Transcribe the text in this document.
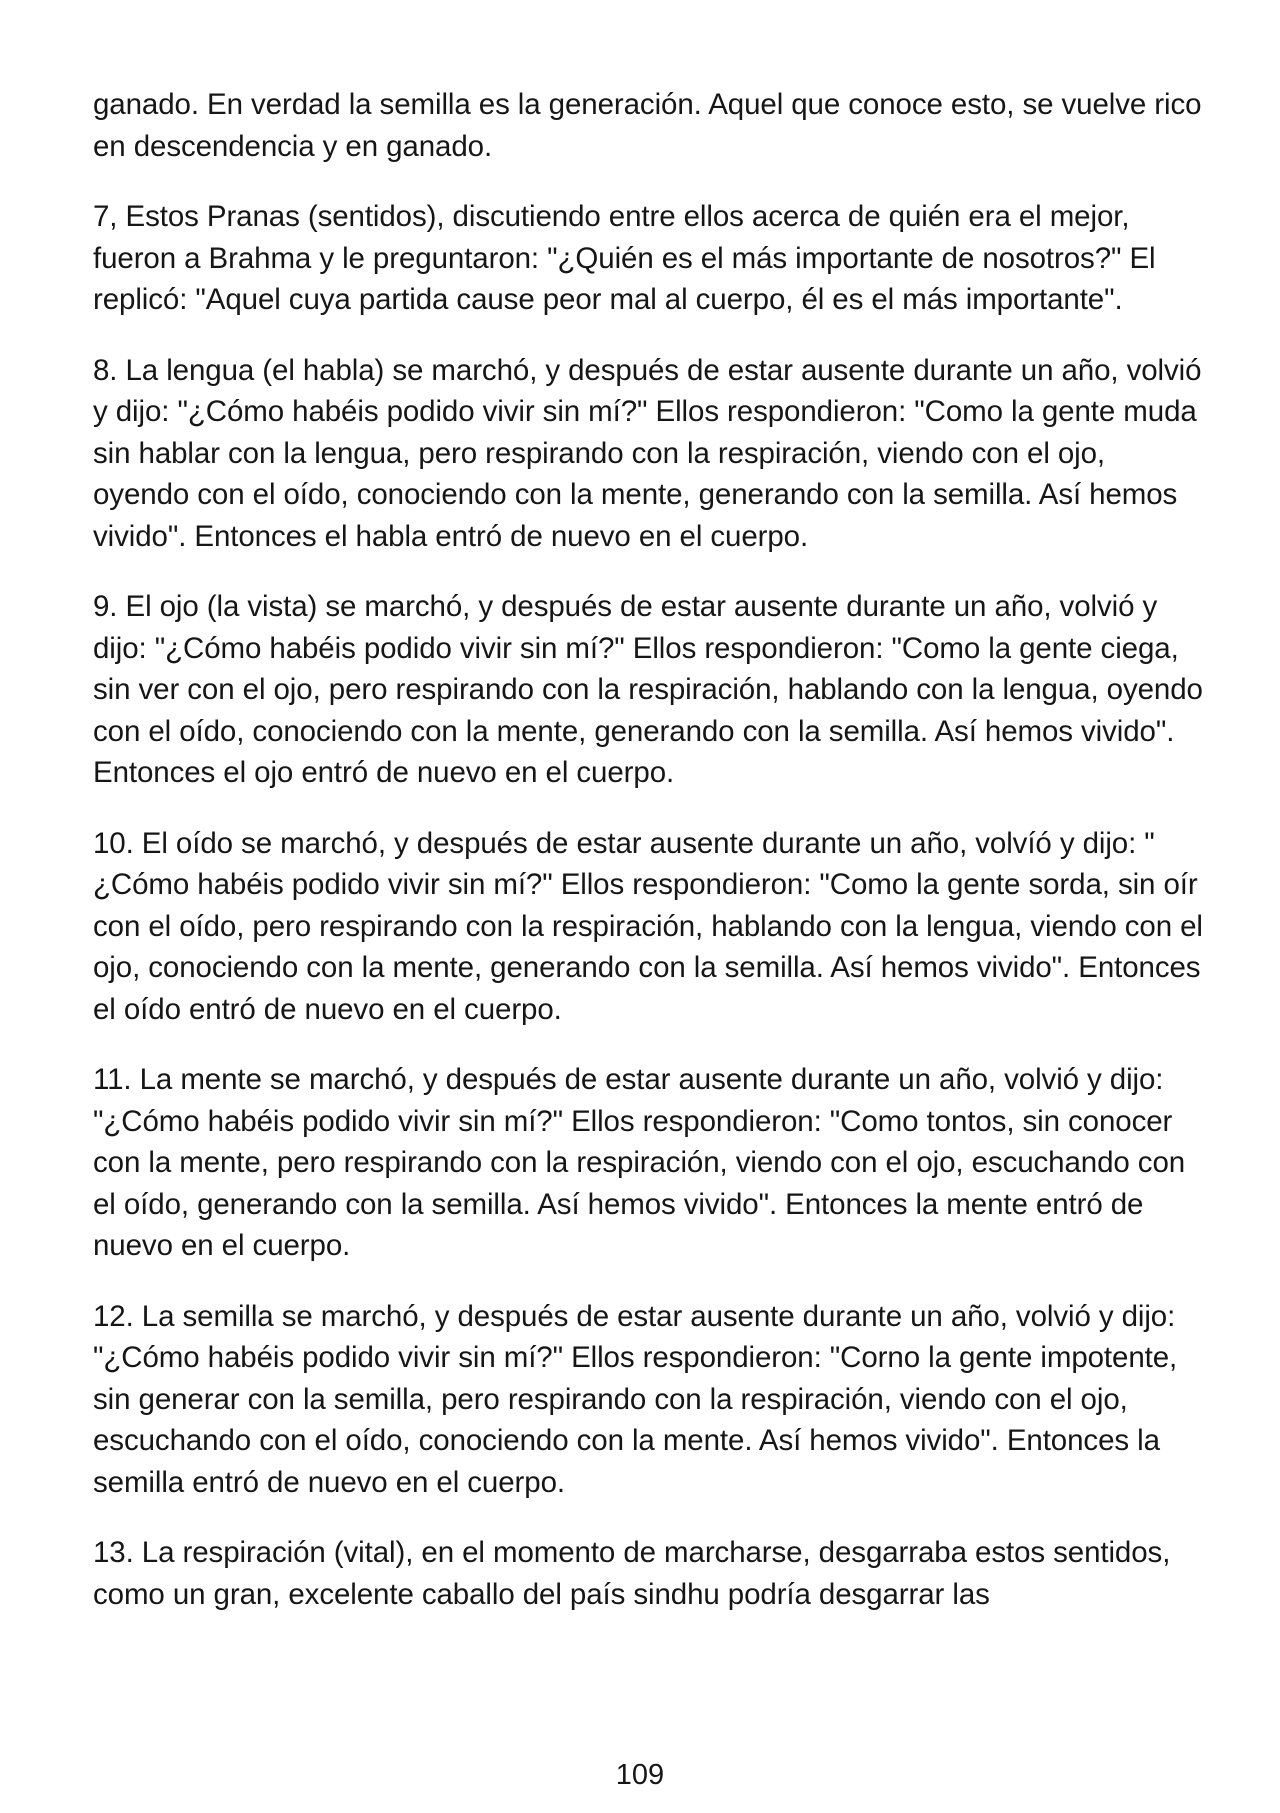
ganado. En verdad la semilla es la generación. Aquel que conoce esto, se vuelve rico en descendencia y en ganado.

7, Estos Pranas (sentidos), discutiendo entre ellos acerca de quién era el mejor, fueron a Brahma y le preguntaron: "¿Quién es el más importante de nosotros?" El replicó: "Aquel cuya partida cause peor mal al cuerpo, él es el más importante".

8. La lengua (el habla) se marchó, y después de estar ausente durante un año, volvió y dijo: "¿Cómo habéis podido vivir sin mí?" Ellos respondieron: "Como la gente muda sin hablar con la lengua, pero respirando con la respiración, viendo con el ojo, oyendo con el oído, conociendo con la mente, generando con la semilla. Así hemos vivido". Entonces el habla entró de nuevo en el cuerpo.

9. El ojo (la vista) se marchó, y después de estar ausente durante un año, volvió y dijo: "¿Cómo habéis podido vivir sin mí?" Ellos respondieron: "Como la gente ciega, sin ver con el ojo, pero respirando con la respiración, hablando con la lengua, oyendo con el oído, conociendo con la mente, generando con la semilla. Así hemos vivido". Entonces el ojo entró de nuevo en el cuerpo.

10. El oído se marchó, y después de estar ausente durante un año, volvíó y dijo: " ¿Cómo habéis podido vivir sin mí?" Ellos respondieron: "Como la gente sorda, sin oír con el oído, pero respirando con la respiración, hablando con la lengua, viendo con el ojo, conociendo con la mente, generando con la semilla. Así hemos vivido". Entonces el oído entró de nuevo en el cuerpo.

11. La mente se marchó, y después de estar ausente durante un año, volvió y dijo: "¿Cómo habéis podido vivir sin mí?" Ellos respondieron: "Como tontos, sin conocer con la mente, pero respirando con la respiración, viendo con el ojo, escuchando con el oído, generando con la semilla. Así hemos vivido". Entonces la mente entró de nuevo en el cuerpo.

12. La semilla se marchó, y después de estar ausente durante un año, volvió y dijo: "¿Cómo habéis podido vivir sin mí?" Ellos respondieron: "Corno la gente impotente, sin generar con la semilla, pero respirando con la respiración, viendo con el ojo, escuchando con el oído, conociendo con la mente. Así hemos vivido". Entonces la semilla entró de nuevo en el cuerpo.

13. La respiración (vital), en el momento de marcharse, desgarraba estos sentidos, como un gran, excelente caballo del país sindhu podría desgarrar las

109
